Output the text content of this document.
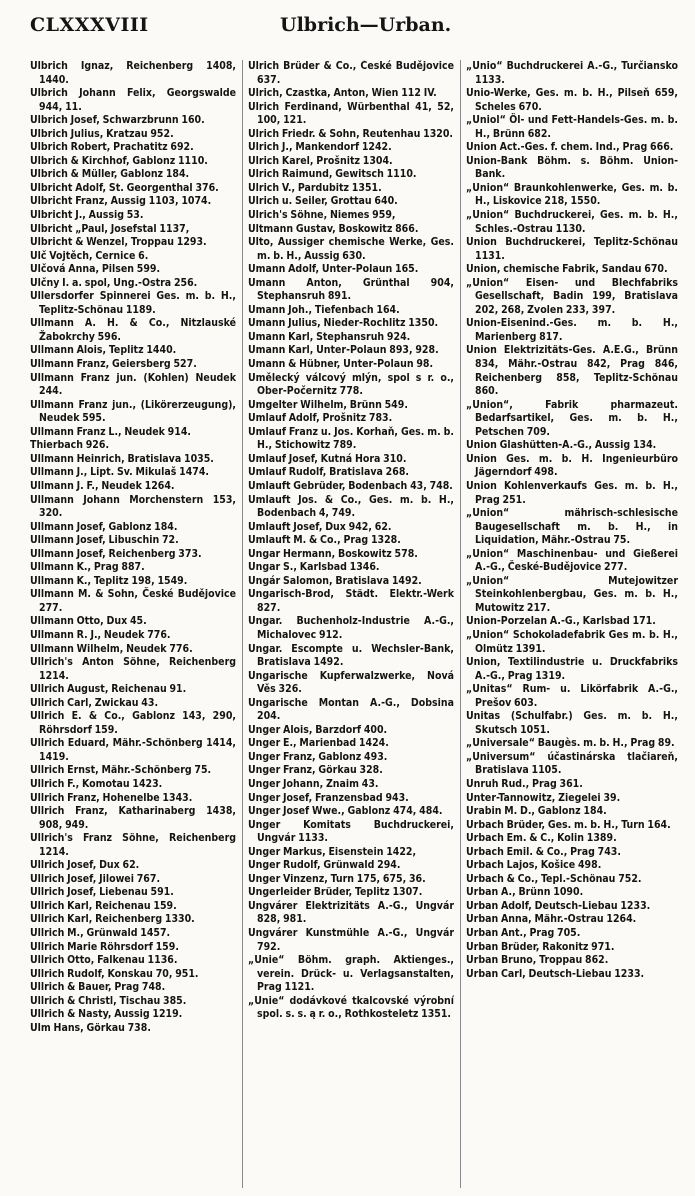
CLXXXVIII	Ulbrich—Urban.
Ulbrich Ignaz, Reichenberg 1408, 1440.
Ulbrich Johann Felix, Georgswalde 944, 11.
Ulbrich Josef, Schwarzbrunn 160.
Ulbrich Julius, Kratzau 952.
Ulbrich Robert, Prachatitz 692.
Ulbrich & Kirchhof, Gablonz 1110.
Ulbrich & Müller, Gablonz 184.
Ulbricht Adolf, St. Georgenthal 376.
Ulbricht Franz, Aussig 1103, 1074.
Ulbricht J., Aussig 53.
Ulbricht „Paul, Josefstal 1137,
Ulbricht & Wenzel, Troppau 1293.
Ulč Vojtěch, Cernice 6.
Ulčová Anna, Pilsen 599.
Ulčny I. a. spol, Ung.-Ostra 256.
Ullersdorfer Spinnerei Ges. m. b. H., Teplitz-Schönau 1189.
Ullmann A. H. & Co., Nitzlauské Žabokrchy 596.
Ullmann Alois, Teplitz 1440.
Ullmann Franz, Geiersberg 527.
Ullmann Franz jun. (Kohlen) Neudek 244.
Ullmann Franz jun., (Likörerzeugung), Neudek 595.
Ullmann Franz L., Neudek 914.
Thierbach 926.
Ullmann Heinrich, Bratislava 1035.
Ullmann J., Lipt. Sv. Mikulaš 1474.
Ullmann J. F., Neudek 1264.
Ullmann Johann Morchenstern 153, 320.
Ullmann Josef, Gablonz 184.
Ullmann Josef, Libuschin 72.
Ullmann Josef, Reichenberg 373.
Ullmann K., Prag 887.
Ullmann K., Teplitz 198, 1549.
Ullmann M. & Sohn, České Budějovice 277.
Ullmann Otto, Dux 45.
Ullmann R. J., Neudek 776.
Ullmann Wilhelm, Neudek 776.
Ullrich's Anton Söhne, Reichenberg 1214.
Ullrich August, Reichenau 91.
Ullrich Carl, Zwickau 43.
Ullrich E. & Co., Gablonz 143, 290, Röhrsdorf 159.
Ullrich Eduard, Mähr.-Schönberg 1414, 1419.
Ullrich Ernst, Mähr.-Schönberg 75.
Ullrich F., Komotau 1423.
Ullrich Franz, Hohenelbe 1343.
Ullrich Franz, Katharinaberg 1438, 908, 949.
Ullrich's Franz Söhne, Reichenberg 1214.
Ullrich Josef, Dux 62.
Ullrich Josef, Jilowei 767.
Ullrich Josef, Liebenau 591.
Ullrich Karl, Reichenau 159.
Ullrich Karl, Reichenberg 1330.
Ullrich M., Grünwald 1457.
Ullrich Marie Röhrsdorf 159.
Ullrich Otto, Falkenau 1136.
Ullrich Rudolf, Konskau 70, 951.
Ullrich & Bauer, Prag 748.
Ullrich & Christl, Tischau 385.
Ullrich & Nasty, Aussig 1219.
Ulm Hans, Görkau 738.
Ulrich Brüder & Co., České Budějovice 637.
Ulrich, Czastka, Anton, Wien 112 IV.
Ulrich Ferdinand, Würbenthal 41, 52, 100, 121.
Ulrich Friedr. & Sohn, Reutenhau 1320.
Ulrich J., Mankendorf 1242.
Ulrich Karel, Prošnitz 1304.
Ulrich Raimund, Gewitsch 1110.
Ulrich V., Pardubitz 1351.
Ulrich u. Seiler, Grottau 640.
Ulrich's Söhne, Niemes 959,
Ultmann Gustav, Boskowitz 866.
Ulto, Aussiger chemische Werke, Ges. m. b. H., Aussig 630.
Umann Adolf, Unter-Polaun 165.
Umann Anton, Grünthal 904, Stephansruh 891.
Umann Joh., Tiefenbach 164.
Umann Julius, Nieder-Rochlitz 1350.
Umann Karl, Stephansruh 924.
Umann Karl, Unter-Polaun 893, 928.
Umann & Hübner, Unter-Polaun 98.
Umělecký válcový mlýn, spol s r. o., Ober-Počernitz 778.
Umgelter Wilhelm, Brünn 549.
Umlauf Adolf, Prošnitz 783.
Umlauf Franz u. Jos. Korhaň, Ges. m. b. H., Stichowitz 789.
Umlauf Josef, Kutná Hora 310.
Umlauf Rudolf, Bratislava 268.
Umlauft Gebrüder, Bodenbach 43, 748.
Umlauft Jos. & Co., Ges. m. b. H., Bodenbach 4, 749.
Umlauft Josef, Dux 942, 62.
Umlauft M. & Co., Prag 1328.
Ungar Hermann, Boskowitz 578.
Ungar S., Karlsbad 1346.
Ungár Salomon, Bratislava 1492.
Ungarisch-Brod, Städt. Elektr.-Werk 827.
Ungar. Buchenholz-Industrie A.-G., Michalovec 912.
Ungar. Escompte u. Wechsler-Bank, Bratislava 1492.
Ungarische Kupferwalzwerke, Nová Věs 326.
Ungarische Montan A.-G., Dobsina 204.
Unger Alois, Barzdorf 400.
Unger E., Marienbad 1424.
Unger Franz, Gablonz 493.
Unger Franz, Görkau 328.
Unger Johann, Znaim 43.
Unger Josef, Franzensbad 943.
Unger Josef Wwe., Gablonz 474, 484.
Unger Komitats Buchdruckerei, Ungvár 1133.
Unger Markus, Eisenstein 1422,
Unger Rudolf, Grünwald 294.
Unger Vinzenz, Turn 175, 675, 36.
Ungerleider Brüder, Teplitz 1307.
Ungvárer Elektrizitäts A.-G., Ungvár 828, 981.
Ungvárer Kunstmühle A.-G., Ungvár 792.
„Unie“ Böhm. graph. Aktienges., verein. Drück- u. Verlagsanstalten, Prag 1121.
„Unie“ dodávkové tkalcovské výrobní spol. s. s. ą r. o., Rothkosteletz 1351.
„Unio“ Buchdruckerei A.-G., Turčiansko 1133.
Unio-Werke, Ges. m. b. H., Pilseň 659, Scheles 670.
„Uniol“ Öl- und Fett-Handels-Ges. m. b. H., Brünn 682.
Union Act.-Ges. f. chem. Ind., Prag 666.
Union-Bank Böhm. s. Böhm. Union-Bank.
„Union“ Braunkohlenwerke, Ges. m. b. H., Liskovice 218, 1550.
„Union“ Buchdruckerei, Ges. m. b. H., Schles.-Ostrau 1130.
Union Buchdruckerei, Teplitz-Schönau 1131.
Union, chemische Fabrik, Sandau 670.
„Union“ Eisen- und Blechfabriks Gesellschaft, Badin 199, Bratislava 202, 268, Zvolen 233, 397.
Union-Eisenind.-Ges. m. b. H., Marienberg 817.
Union Elektrizitäts-Ges. A.E.G., Brünn 834, Mähr.-Ostrau 842, Prag 846, Reichenberg 858, Teplitz-Schönau 860.
„Union“, Fabrik pharmazeut. Bedarfsartikel, Ges. m. b. H., Petschen 709.
Union Glashütten-A.-G., Aussig 134.
Union Ges. m. b. H. Ingenieurbüro Jägerndorf 498.
Union Kohlenverkaufs Ges. m. b. H., Prag 251.
„Union“ mährisch-schlesische Baugesellschaft m. b. H., in Liquidation, Mähr.-Ostrau 75.
„Union“ Maschinenbau- und Gießerei A.-G., České-Budějovice 277.
„Union“ Mutejowitzer Steinkohlenbergbau, Ges. m. b. H., Mutowitz 217.
Union-Porzelan A.-G., Karlsbad 171.
„Union“ Schokoladefabrik Ges m. b. H., Olmütz 1391.
Union, Textilindustrie u. Druckfabriks A.-G., Prag 1319.
„Unitas“ Rum- u. Likörfabrik A.-G., Prešov 603.
Unitas (Schulfabr.) Ges. m. b. H., Skutsch 1051.
„Universale“ Baugès. m. b. H., Prag 89.
„Universum“ účastinárska tlačiareň, Bratislava 1105.
Unruh Rud., Prag 361.
Unter-Tannowitz, Ziegelei 39.
Urabin M. D., Gablonz 184.
Urbach Brüder, Ges. m. b. H., Turn 164.
Urbach Em. & C., Kolin 1389.
Urbach Emil. & Co., Prag 743.
Urbach Lajos, Košice 498.
Urbach & Co., Tepl.-Schönau 752.
Urban A., Brünn 1090.
Urban Adolf, Deutsch-Liebau 1233.
Urban Anna, Mähr.-Ostrau 1264.
Urban Ant., Prag 705.
Urban Brüder, Rakonitz 971.
Urban Bruno, Troppau 862.
Urban Carl, Deutsch-Liebau 1233.
